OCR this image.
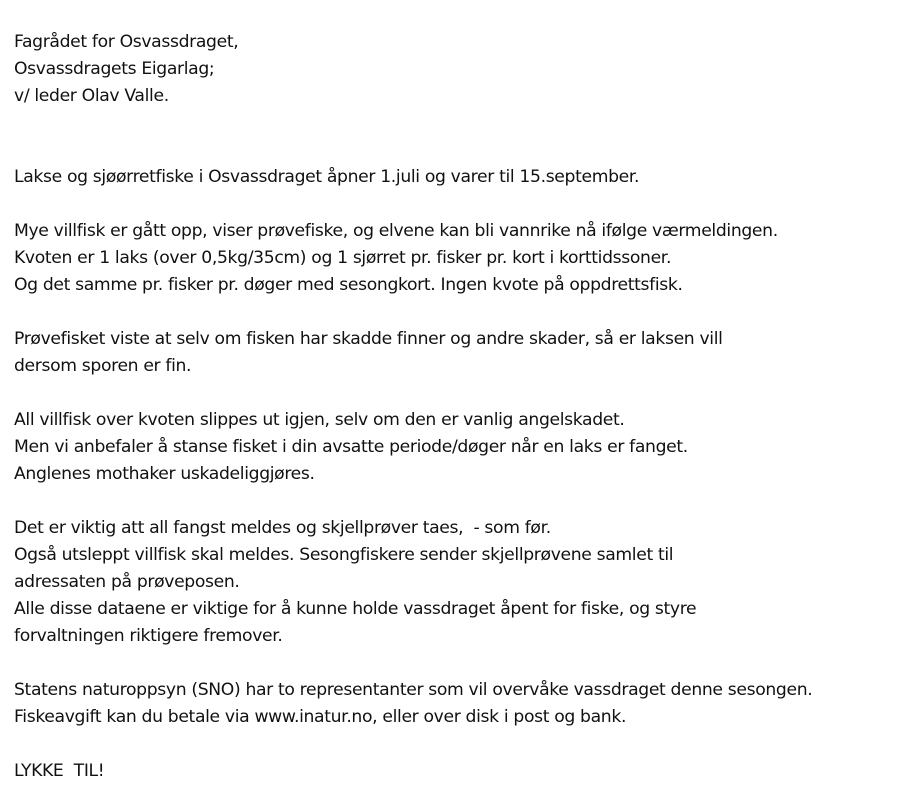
Fagrådet for Osvassdraget,
Osvassdragets Eigarlag;
v/ leder Olav Valle.
Lakse og sjøørretfiske i Osvassdraget åpner 1.juli og varer til 15.september.
Mye villfisk er gått opp, viser prøvefiske, og elvene kan bli vannrike nå ifølge værmeldingen.
Kvoten er 1 laks (over 0,5kg/35cm) og 1 sjørret pr. fisker pr. kort i korttidssoner.
Og det samme pr. fisker pr. døger med sesongkort. Ingen kvote på oppdrettsfisk.
Prøvefisket viste at selv om fisken har skadde finner og andre skader, så er laksen vill
dersom sporen er fin.
All villfisk over kvoten slippes ut igjen, selv om den er vanlig angelskadet.
Men vi anbefaler å stanse fisket i din avsatte periode/døger når en laks er fanget.
Anglenes mothaker uskadeliggjøres.
Det er viktig att all fangst meldes og skjellprøver taes,  - som før.
Også utsleppt villfisk skal meldes. Sesongfiskere sender skjellprøvene samlet til
adressaten på prøveposen.
Alle disse dataene er viktige for å kunne holde vassdraget åpent for fiske, og styre
forvaltningen riktigere fremover.
Statens naturoppsyn (SNO) har to representanter som vil overvåke vassdraget denne sesongen.
Fiskeavgift kan du betale via www.inatur.no, eller over disk i post og bank.
LYKKE  TIL!
